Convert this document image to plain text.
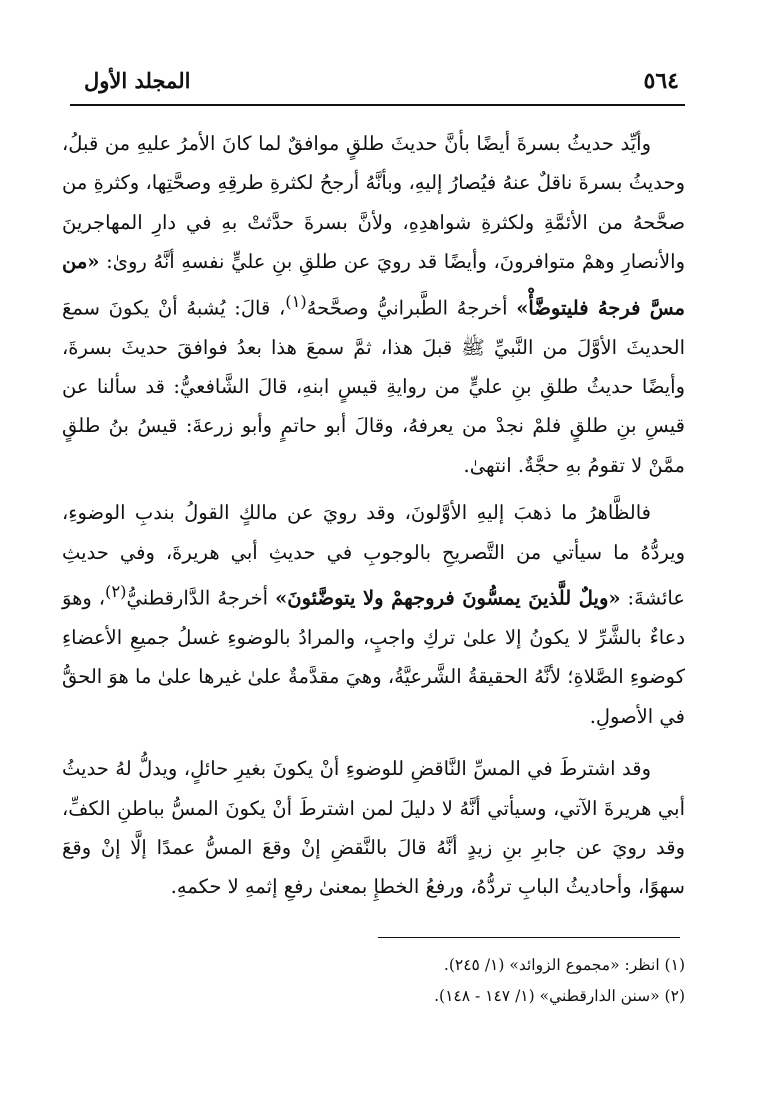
٥٦٤
المجلد الأول

وأيِّد حديثُ بسرةَ أيضًا بأنَّ حديثَ طلقٍ موافقٌ لما كانَ الأمرُ عليهِ من قبلُ، وحديثُ بسرةَ ناقلٌ عنهُ فيُصارُ إليهِ، وبأنَّهُ أرجحُ لكثرةِ طرقِهِ وصحَّتِها، وكثرةِ من صحَّحهُ من الأئمَّةِ ولكثرةِ شواهدِهِ، ولأنَّ بسرةَ حدَّثتْ بهِ في دارِ المهاجرينَ والأنصارِ وهمْ متوافرونَ، وأيضًا قد رويَ عن طلقِ بنِ عليٍّ نفسهِ أنَّهُ رویٰ: «من مسَّ فرجهُ فليتوضَّأْ» أخرجهُ الطَّبرانيُّ وصحَّحهُ$^{(١)}$، قالَ: يُشبهُ أنْ يكونَ سمعَ الحديثَ الأوَّلَ من النَّبيِّ ﷺ قبلَ هذا، ثمَّ سمعَ هذا بعدُ فوافقَ حديثَ بسرةَ، وأيضًا حديثُ طلقِ بنِ عليٍّ من روايةِ قيسٍ ابنهِ، قالَ الشَّافعيُّ: قد سألنا عن قيسِ بنِ طلقٍ فلمْ نجدْ من يعرفهُ، وقالَ أبو حاتمٍ وأبو زرعةَ: قيسُ بنُ طلقٍ ممَّنْ لا تقومُ بهِ حجَّةٌ. انتهیٰ.

فالظَّاهرُ ما ذهبَ إليهِ الأوَّلونَ، وقد رويَ عن مالكٍ القولُ بندبِ الوضوءِ، ويردُّهُ ما سيأتي من التَّصريحِ بالوجوبِ في حديثِ أبي هريرةَ، وفي حديثِ عائشةَ: «ويلٌ للَّذينَ يمسُّونَ فروجهمْ ولا يتوضَّئونَ» أخرجهُ الدَّارقطنيُّ$^{(٢)}$، وهوَ دعاءٌ بالشَّرِّ لا يكونُ إلا علیٰ تركِ واجبٍ، والمرادُ بالوضوءِ غسلُ جميعِ الأعضاءِ كوضوءِ الصَّلاةِ؛ لأنَّهُ الحقيقةُ الشَّرعيَّةُ، وهيَ مقدَّمةٌ علیٰ غيرها علیٰ ما هوَ الحقُّ في الأصولِ.

وقد اشترطَ في المسِّ النَّاقضِ للوضوءِ أنْ يكونَ بغيرِ حائلٍ، ويدلُّ لهُ حديثُ أبي هريرةَ الآتي، وسيأتي أنَّهُ لا دليلَ لمن اشترطَ أنْ يكونَ المسُّ بباطنِ الكفِّ، وقد رويَ عن جابرِ بنِ زيدٍ أنَّهُ قالَ بالنَّقضِ إنْ وقعَ المسُّ عمدًا إلَّا إنْ وقعَ سهوًا، وأحاديثُ البابِ تردُّهُ، ورفعُ الخطإِ بمعنیٰ رفعِ إثمهِ لا حكمهِ.

(١) انظر: «مجموع الزوائد» (١/ ٢٤٥).
(٢) «سنن الدارقطني» (١/ ١٤٧ - ١٤٨).
